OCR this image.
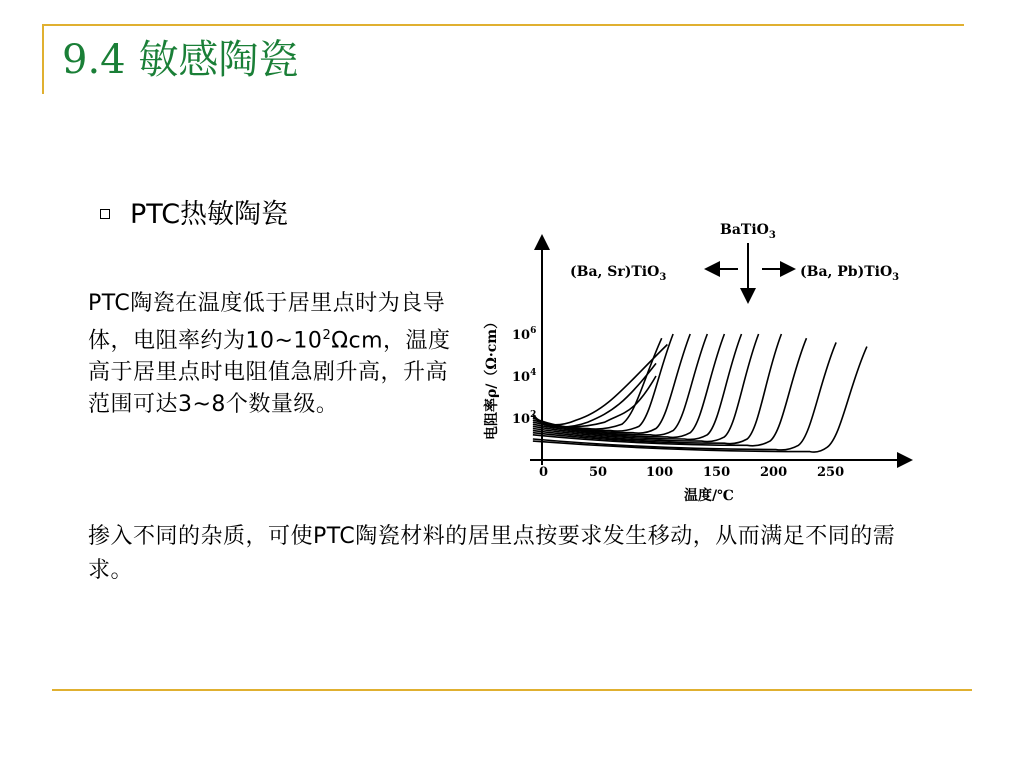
9.4 敏感陶瓷
PTC热敏陶瓷
PTC陶瓷在温度低于居里点时为良导体，电阻率约为$10\sim 10^2\Omega cm$，温度高于居里点时电阻值急剧升高，升高范围可达3~8个数量级。
掺入不同的杂质，可使PTC陶瓷材料的居里点按要求发生移动，从而满足不同的需求。
BaTiO$_3$
(Ba, Sr)TiO$_3$	(Ba, Pb)TiO$_3$
电阻率ρ/（Ω·cm）
温度/℃
0	50	100 150 200 250
$10^2$
$10^4$
$10^6$
